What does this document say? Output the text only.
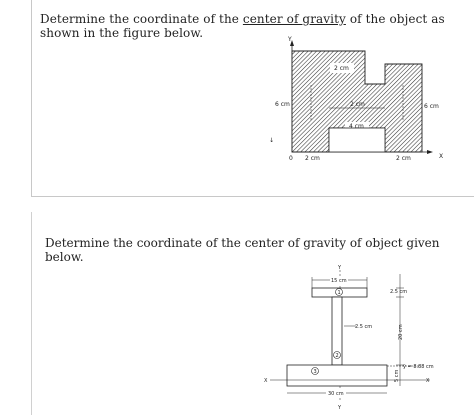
Determine the coordinate of the center of gravity of the object as shown in the figure below.	Y
0	X
2 cm
6 cm	6 cm
2 cm
4 cm
2 cm	2 cm
↓
Determine the coordinate of the center of gravity of object given below.
Y
Y
15 cm
2.5 cm
20 cm
2.5 cm
ȳ = 8.88 cm
5 cm
X	X
30 cm
1
2
3
